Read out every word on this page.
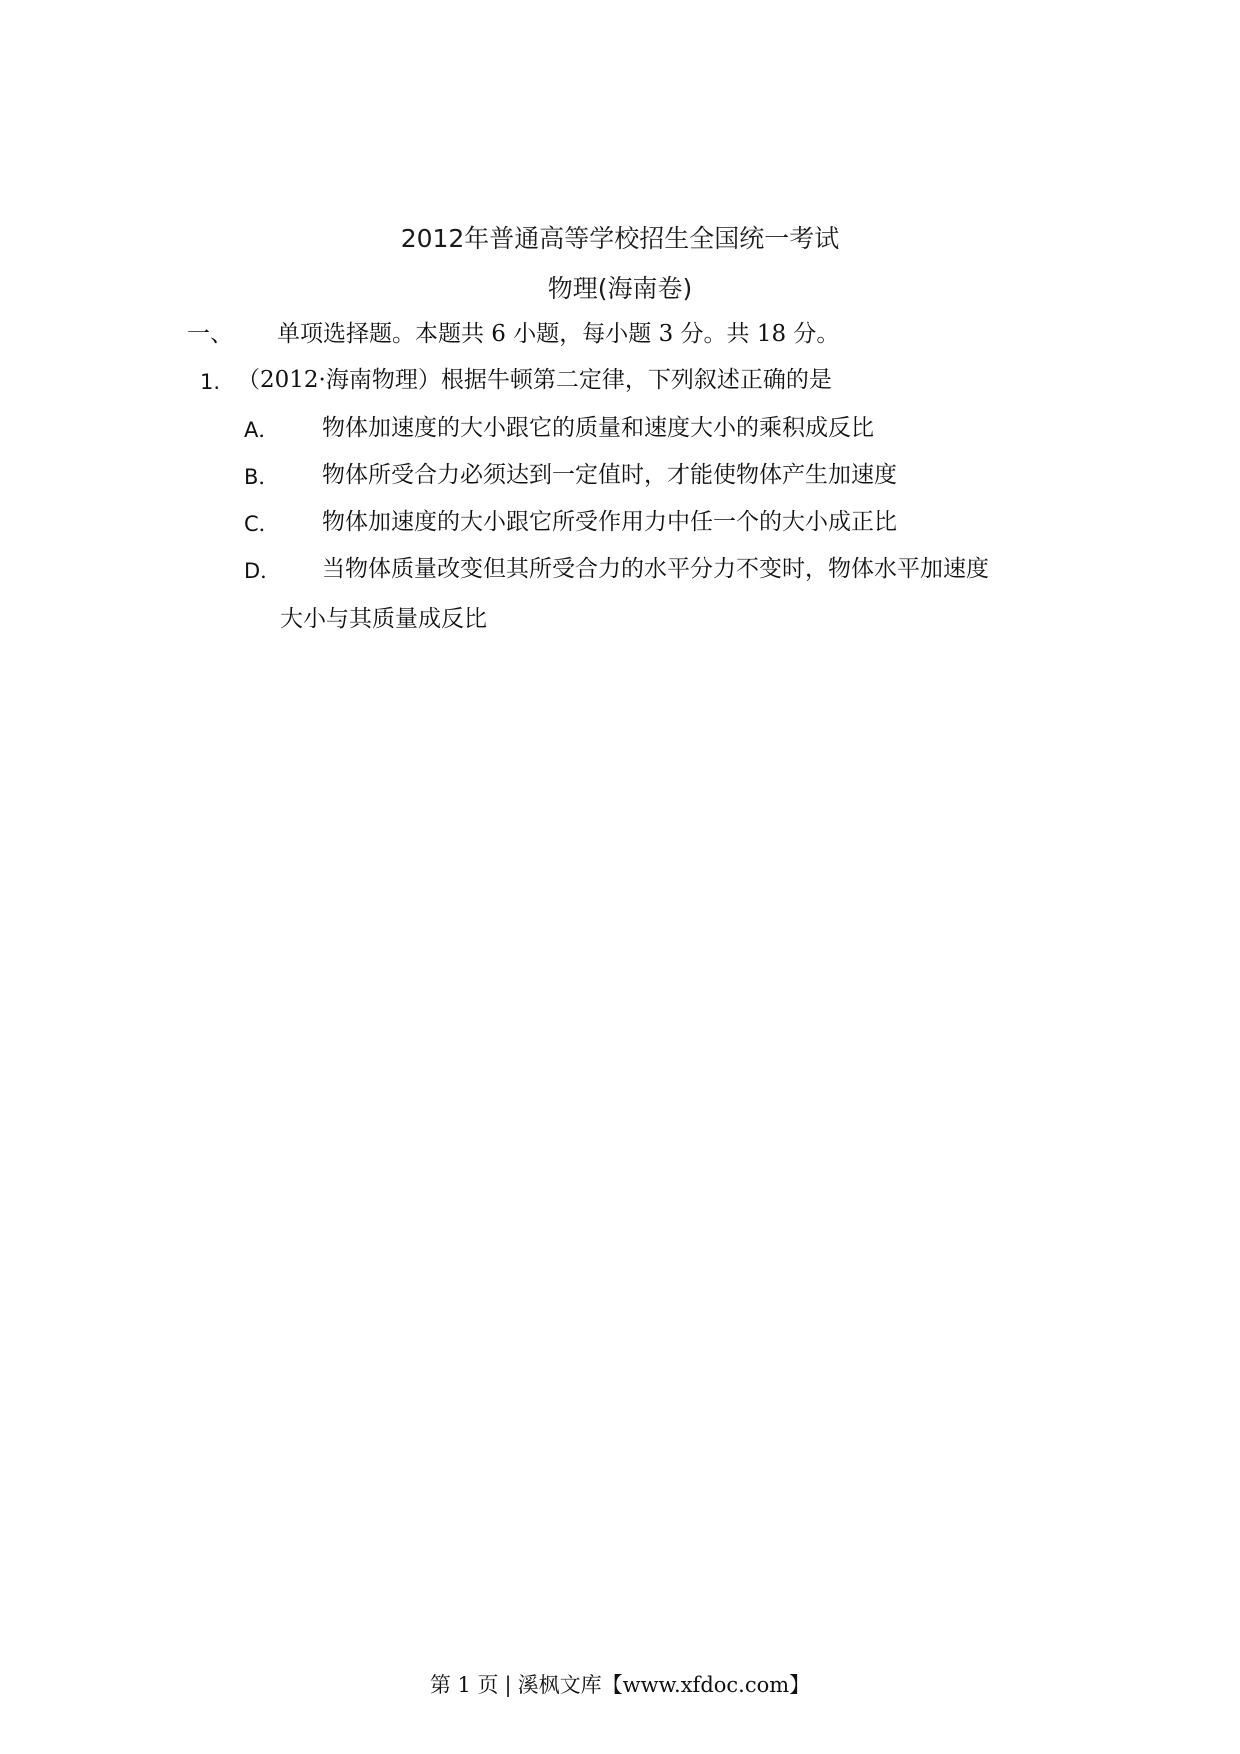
2012年普通高等学校招生全国统一考试
物理(海南卷)
一、 单项选择题。本题共 6 小题，每小题 3 分。共 18 分。
1. （2012·海南物理）根据牛顿第二定律，下列叙述正确的是
A． 物体加速度的大小跟它的质量和速度大小的乘积成反比
B． 物体所受合力必须达到一定值时，才能使物体产生加速度
C． 物体加速度的大小跟它所受作用力中任一个的大小成正比
D． 当物体质量改变但其所受合力的水平分力不变时，物体水平加速度
大小与其质量成反比
第 1 页 | 溪枫文库【www.xfdoc.com】
